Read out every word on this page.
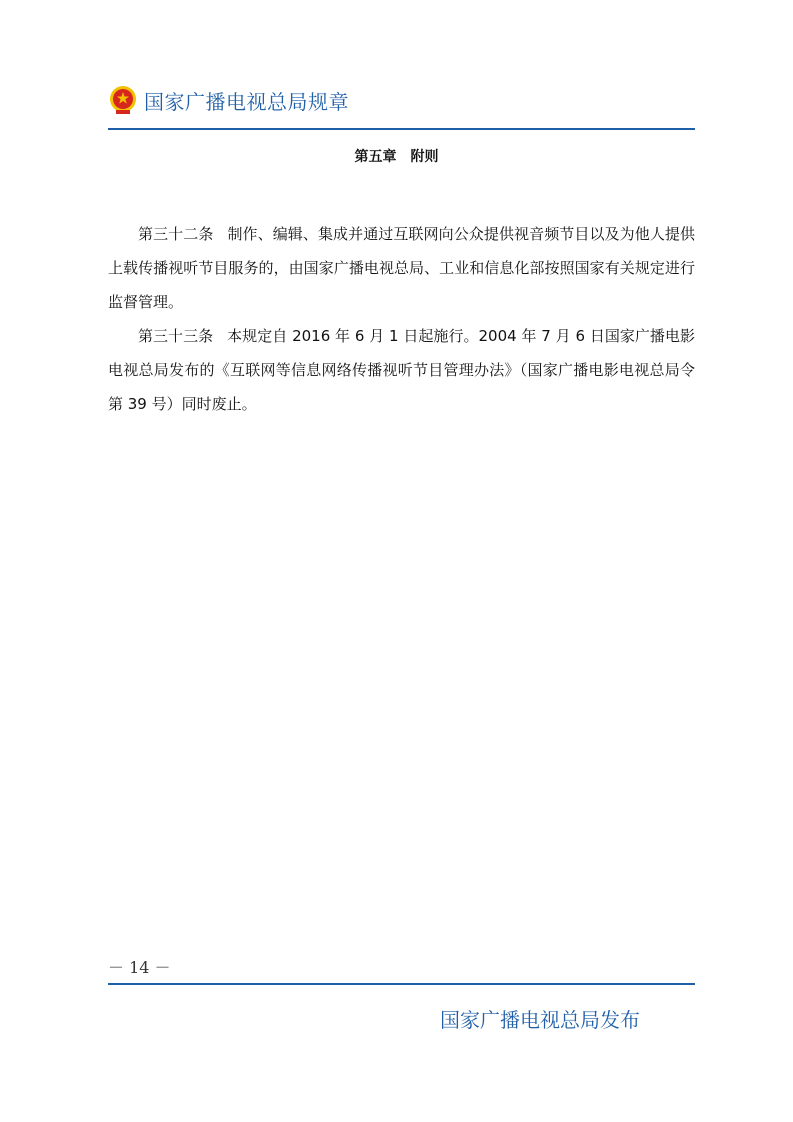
国家广播电视总局规章
第五章　附则

第三十二条 制作、编辑、集成并通过互联网向公众提供视音频节目以及为他人提供上载传播视听节目服务的，由国家广播电视总局、工业和信息化部按照国家有关规定进行监督管理。

第三十三条 本规定自 2016 年 6 月 1 日起施行。2004 年 7 月 6 日国家广播电影电视总局发布的《互联网等信息网络传播视听节目管理办法》（国家广播电影电视总局令第 39 号）同时废止。

－ 14 －
国家广播电视总局发布
